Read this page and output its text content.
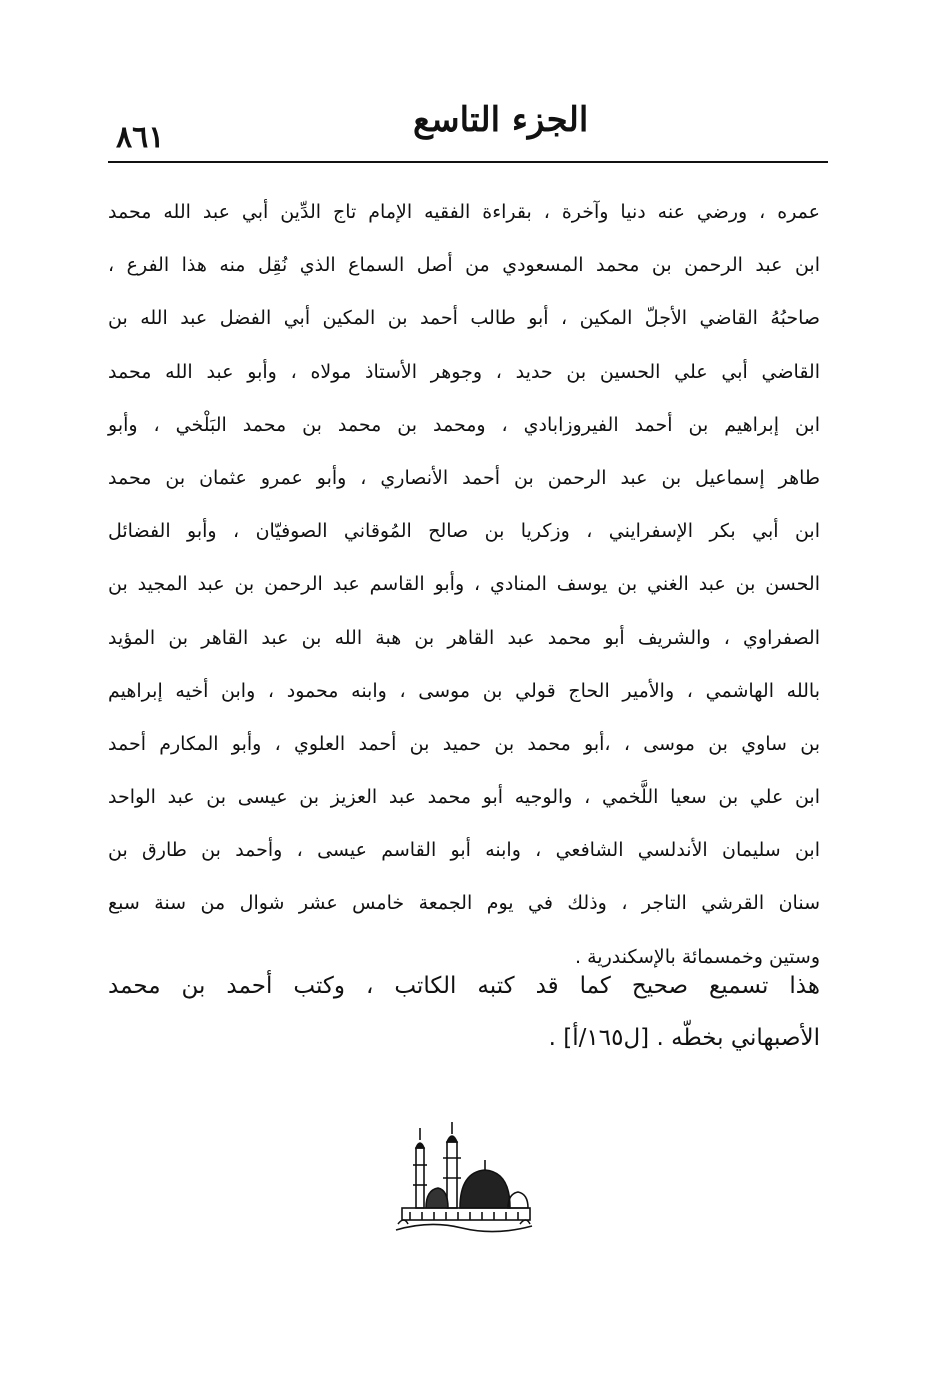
٨٦١	الجزء التاسع
عمره ، ورضي عنه دنيا وآخرة ، بقراءة الفقيه الإمام تاج الدِّين أبي عبد الله محمد
ابن عبد الرحمن بن محمد المسعودي من أصل السماع الذي نُقِل منه هذا الفرع ،
صاحبُهُ القاضي الأجلّ المكين ، أبو طالب أحمد بن المكين أبي الفضل عبد الله بن
القاضي أبي علي الحسين بن حديد ، وجوهر الأستاذ مولاه ، وأبو عبد الله محمد
ابن إبراهيم بن أحمد الفيروزابادي ، ومحمد بن محمد بن محمد البَلْخي ، وأبو
طاهر إسماعيل بن عبد الرحمن بن أحمد الأنصاري ، وأبو عمرو عثمان بن محمد
ابن أبي بكر الإسفرايني ، وزكريا بن صالح المُوقاني الصوفيّان ، وأبو الفضائل
الحسن بن عبد الغني بن يوسف المنادي ، وأبو القاسم عبد الرحمن بن عبد المجيد بن
الصفراوي ، والشريف أبو محمد عبد القاهر بن هبة الله بن عبد القاهر بن المؤيد
بالله الهاشمي ، والأمير الحاج قولي بن موسى ، وابنه محمود ، وابن أخيه إبراهيم
بن ساوي بن موسى ، ،أبو محمد بن حميد بن أحمد العلوي ، وأبو المكارم أحمد
ابن علي بن سعيا اللَّخمي ، والوجيه أبو محمد عبد العزيز بن عيسى بن عبد الواحد
ابن سليمان الأندلسي الشافعي ، وابنه أبو القاسم عيسى ، وأحمد بن طارق بن
سنان القرشي التاجر ، وذلك في يوم الجمعة خامس عشر شوال من سنة سبع
وستين وخمسمائة بالإسكندرية .
هذا تسميع صحيح كما قد كتبه الكاتب ، وكتب أحمد بن محمد
الأصبهاني بخطّه . [ل١٦٥/أ] .
